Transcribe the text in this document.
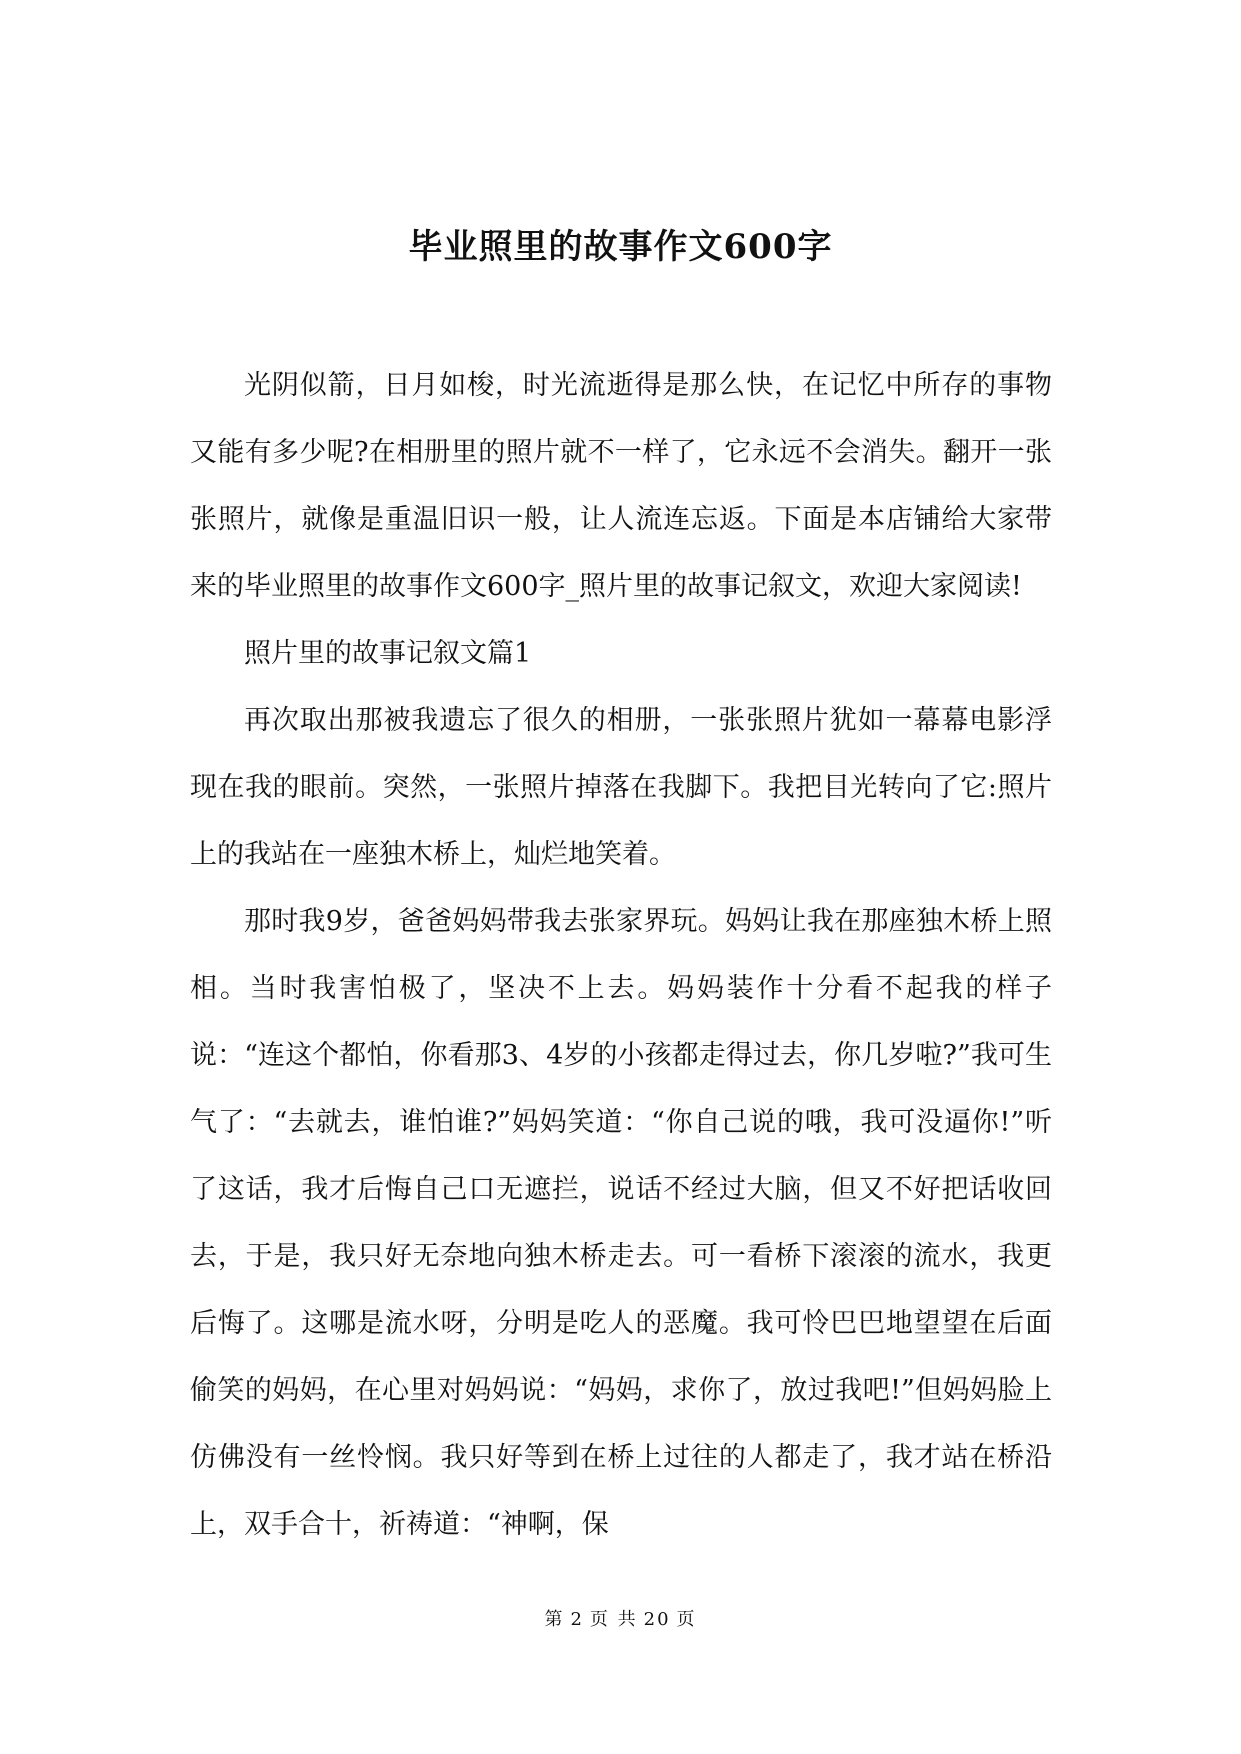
毕业照里的故事作文600字

光阴似箭，日月如梭，时光流逝得是那么快，在记忆中所存的事物又能有多少呢?在相册里的照片就不一样了，它永远不会消失。翻开一张张照片，就像是重温旧识一般，让人流连忘返。下面是本店铺给大家带来的毕业照里的故事作文600字_照片里的故事记叙文，欢迎大家阅读!

照片里的故事记叙文篇1

再次取出那被我遗忘了很久的相册，一张张照片犹如一幕幕电影浮现在我的眼前。突然，一张照片掉落在我脚下。我把目光转向了它:照片上的我站在一座独木桥上，灿烂地笑着。

那时我9岁，爸爸妈妈带我去张家界玩。妈妈让我在那座独木桥上照相。当时我害怕极了，坚决不上去。妈妈装作十分看不起我的样子说：“连这个都怕，你看那3、4岁的小孩都走得过去，你几岁啦?”我可生气了：“去就去，谁怕谁?”妈妈笑道：“你自己说的哦，我可没逼你!”听了这话，我才后悔自己口无遮拦，说话不经过大脑，但又不好把话收回去，于是，我只好无奈地向独木桥走去。可一看桥下滚滚的流水，我更后悔了。这哪是流水呀，分明是吃人的恶魔。我可怜巴巴地望望在后面偷笑的妈妈，在心里对妈妈说：“妈妈，求你了，放过我吧!”但妈妈脸上仿佛没有一丝怜悯。我只好等到在桥上过往的人都走了，我才站在桥沿上，双手合十，祈祷道：“神啊，保

第 2 页 共 20 页
